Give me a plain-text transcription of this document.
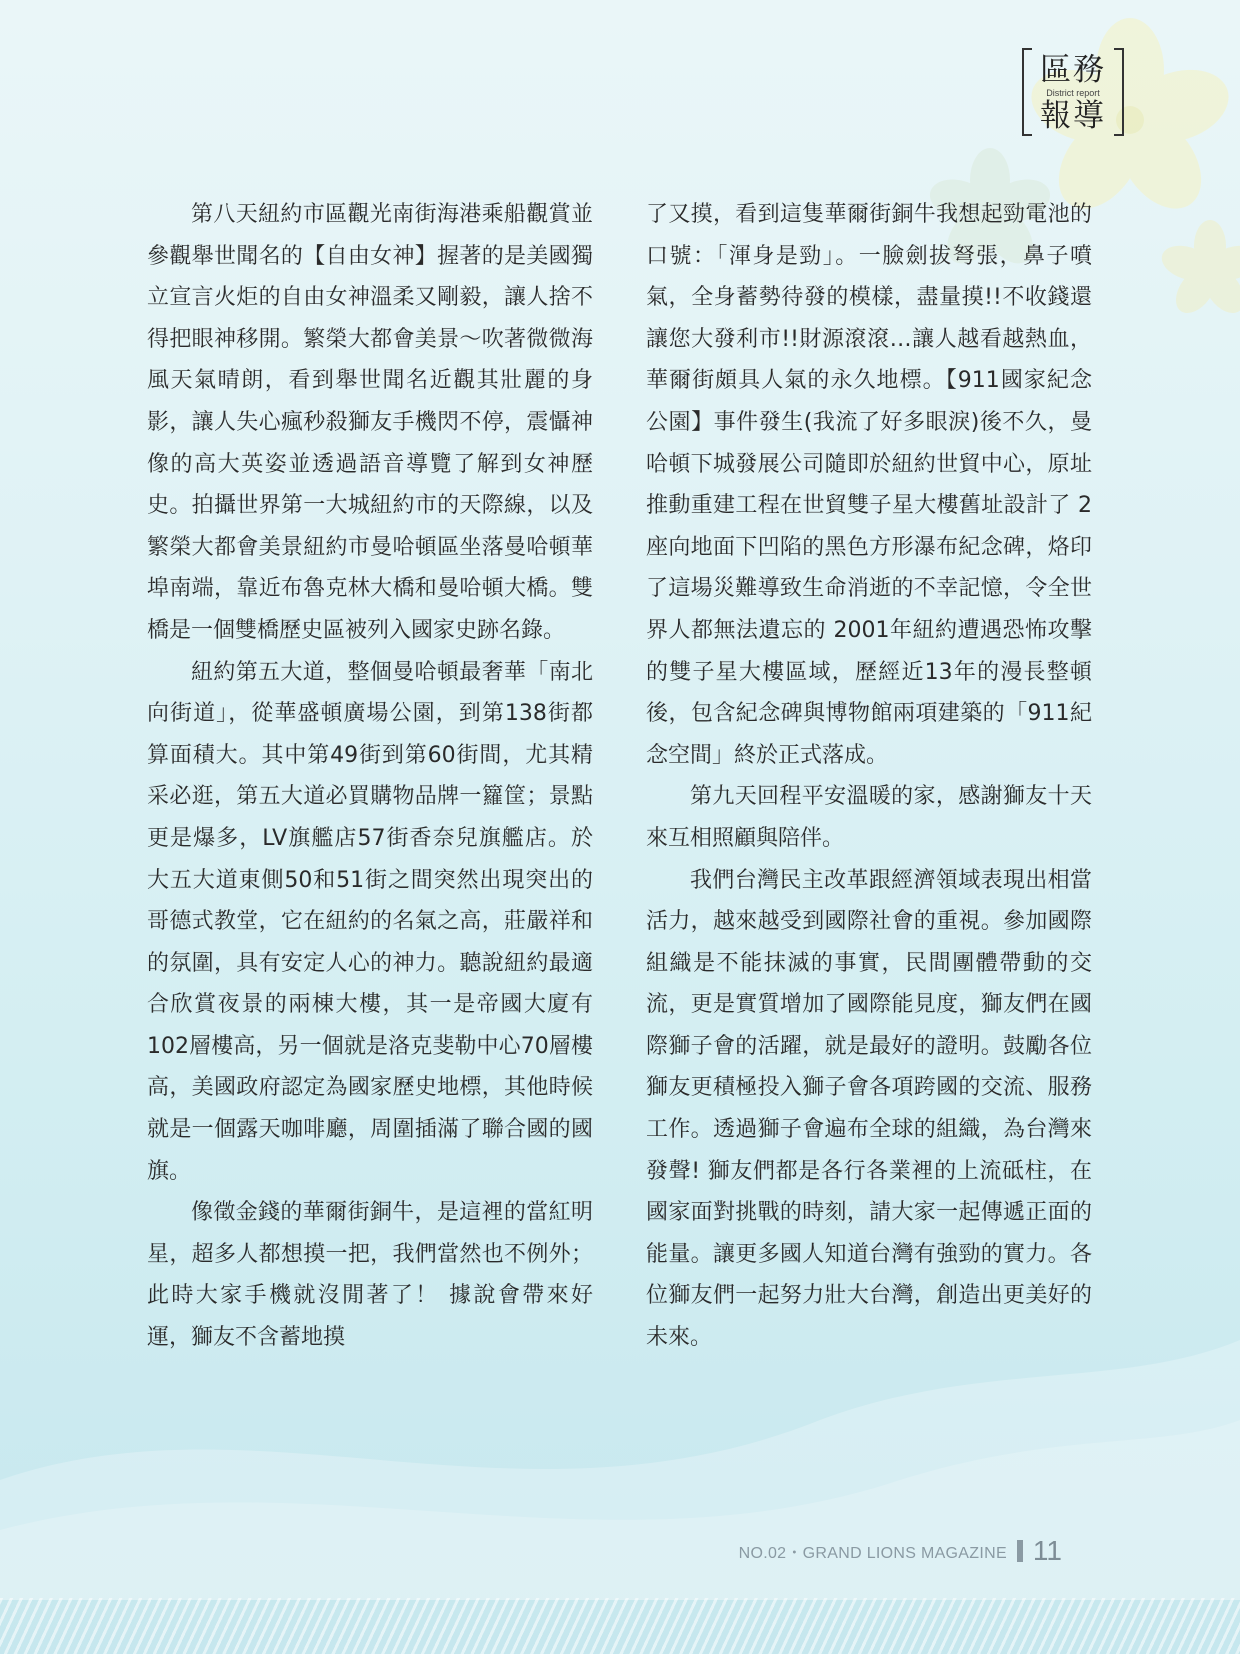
區務
District report
報導

第八天紐約市區觀光南街海港乘船觀賞並參觀舉世聞名的【自由女神】握著的是美國獨立宣言火炬的自由女神溫柔又剛毅，讓人捨不得把眼神移開。繁榮大都會美景～吹著微微海風天氣晴朗，看到舉世聞名近觀其壯麗的身影，讓人失心瘋秒殺獅友手機閃不停，震懾神像的高大英姿並透過語音導覽了解到女神歷史。拍攝世界第一大城紐約市的天際線，以及繁榮大都會美景紐約市曼哈頓區坐落曼哈頓華埠南端，靠近布魯克林大橋和曼哈頓大橋。雙橋是一個雙橋歷史區被列入國家史跡名錄。

紐約第五大道，整個曼哈頓最奢華「南北向街道」，從華盛頓廣場公園，到第138街都算面積大。其中第49街到第60街間，尤其精采必逛，第五大道必買購物品牌一籮筐；景點更是爆多，LV旗艦店57街香奈兒旗艦店。於大五大道東側50和51街之間突然出現突出的哥德式教堂，它在紐約的名氣之高，莊嚴祥和的氛圍，具有安定人心的神力。聽說紐約最適合欣賞夜景的兩棟大樓，其一是帝國大廈有102層樓高，另一個就是洛克斐勒中心70層樓高，美國政府認定為國家歷史地標，其他時候就是一個露天咖啡廳，周圍插滿了聯合國的國旗。

像徵金錢的華爾街銅牛，是這裡的當紅明星，超多人都想摸一把，我們當然也不例外；此時大家手機就沒閒著了！ 據說會帶來好運，獅友不含蓄地摸

了又摸，看到這隻華爾街銅牛我想起勁電池的口號：「渾身是勁」。一臉劍拔弩張，鼻子噴氣，全身蓄勢待發的模樣，盡量摸!!不收錢還讓您大發利市!!財源滾滾…讓人越看越熱血，華爾街頗具人氣的永久地標。【911國家紀念公園】事件發生(我流了好多眼淚)後不久，曼哈頓下城發展公司隨即於紐約世貿中心，原址推動重建工程在世貿雙子星大樓舊址設計了 2 座向地面下凹陷的黑色方形瀑布紀念碑，烙印了這場災難導致生命消逝的不幸記憶，令全世界人都無法遺忘的 2001年紐約遭遇恐怖攻擊的雙子星大樓區域，歷經近13年的漫長整頓後，包含紀念碑與博物館兩項建築的「911紀念空間」終於正式落成。

第九天回程平安溫暖的家，感謝獅友十天來互相照顧與陪伴。

我們台灣民主改革跟經濟領域表現出相當活力，越來越受到國際社會的重視。參加國際組織是不能抹滅的事實，民間團體帶動的交流，更是實質增加了國際能見度，獅友們在國際獅子會的活躍，就是最好的證明。鼓勵各位獅友更積極投入獅子會各項跨國的交流、服務工作。透過獅子會遍布全球的組織，為台灣來發聲! 獅友們都是各行各業裡的上流砥柱，在國家面對挑戰的時刻，請大家一起傳遞正面的能量。讓更多國人知道台灣有強勁的實力。各位獅友們一起努力壯大台灣，創造出更美好的未來。

NO.02・GRAND LIONS MAGAZINE 11
